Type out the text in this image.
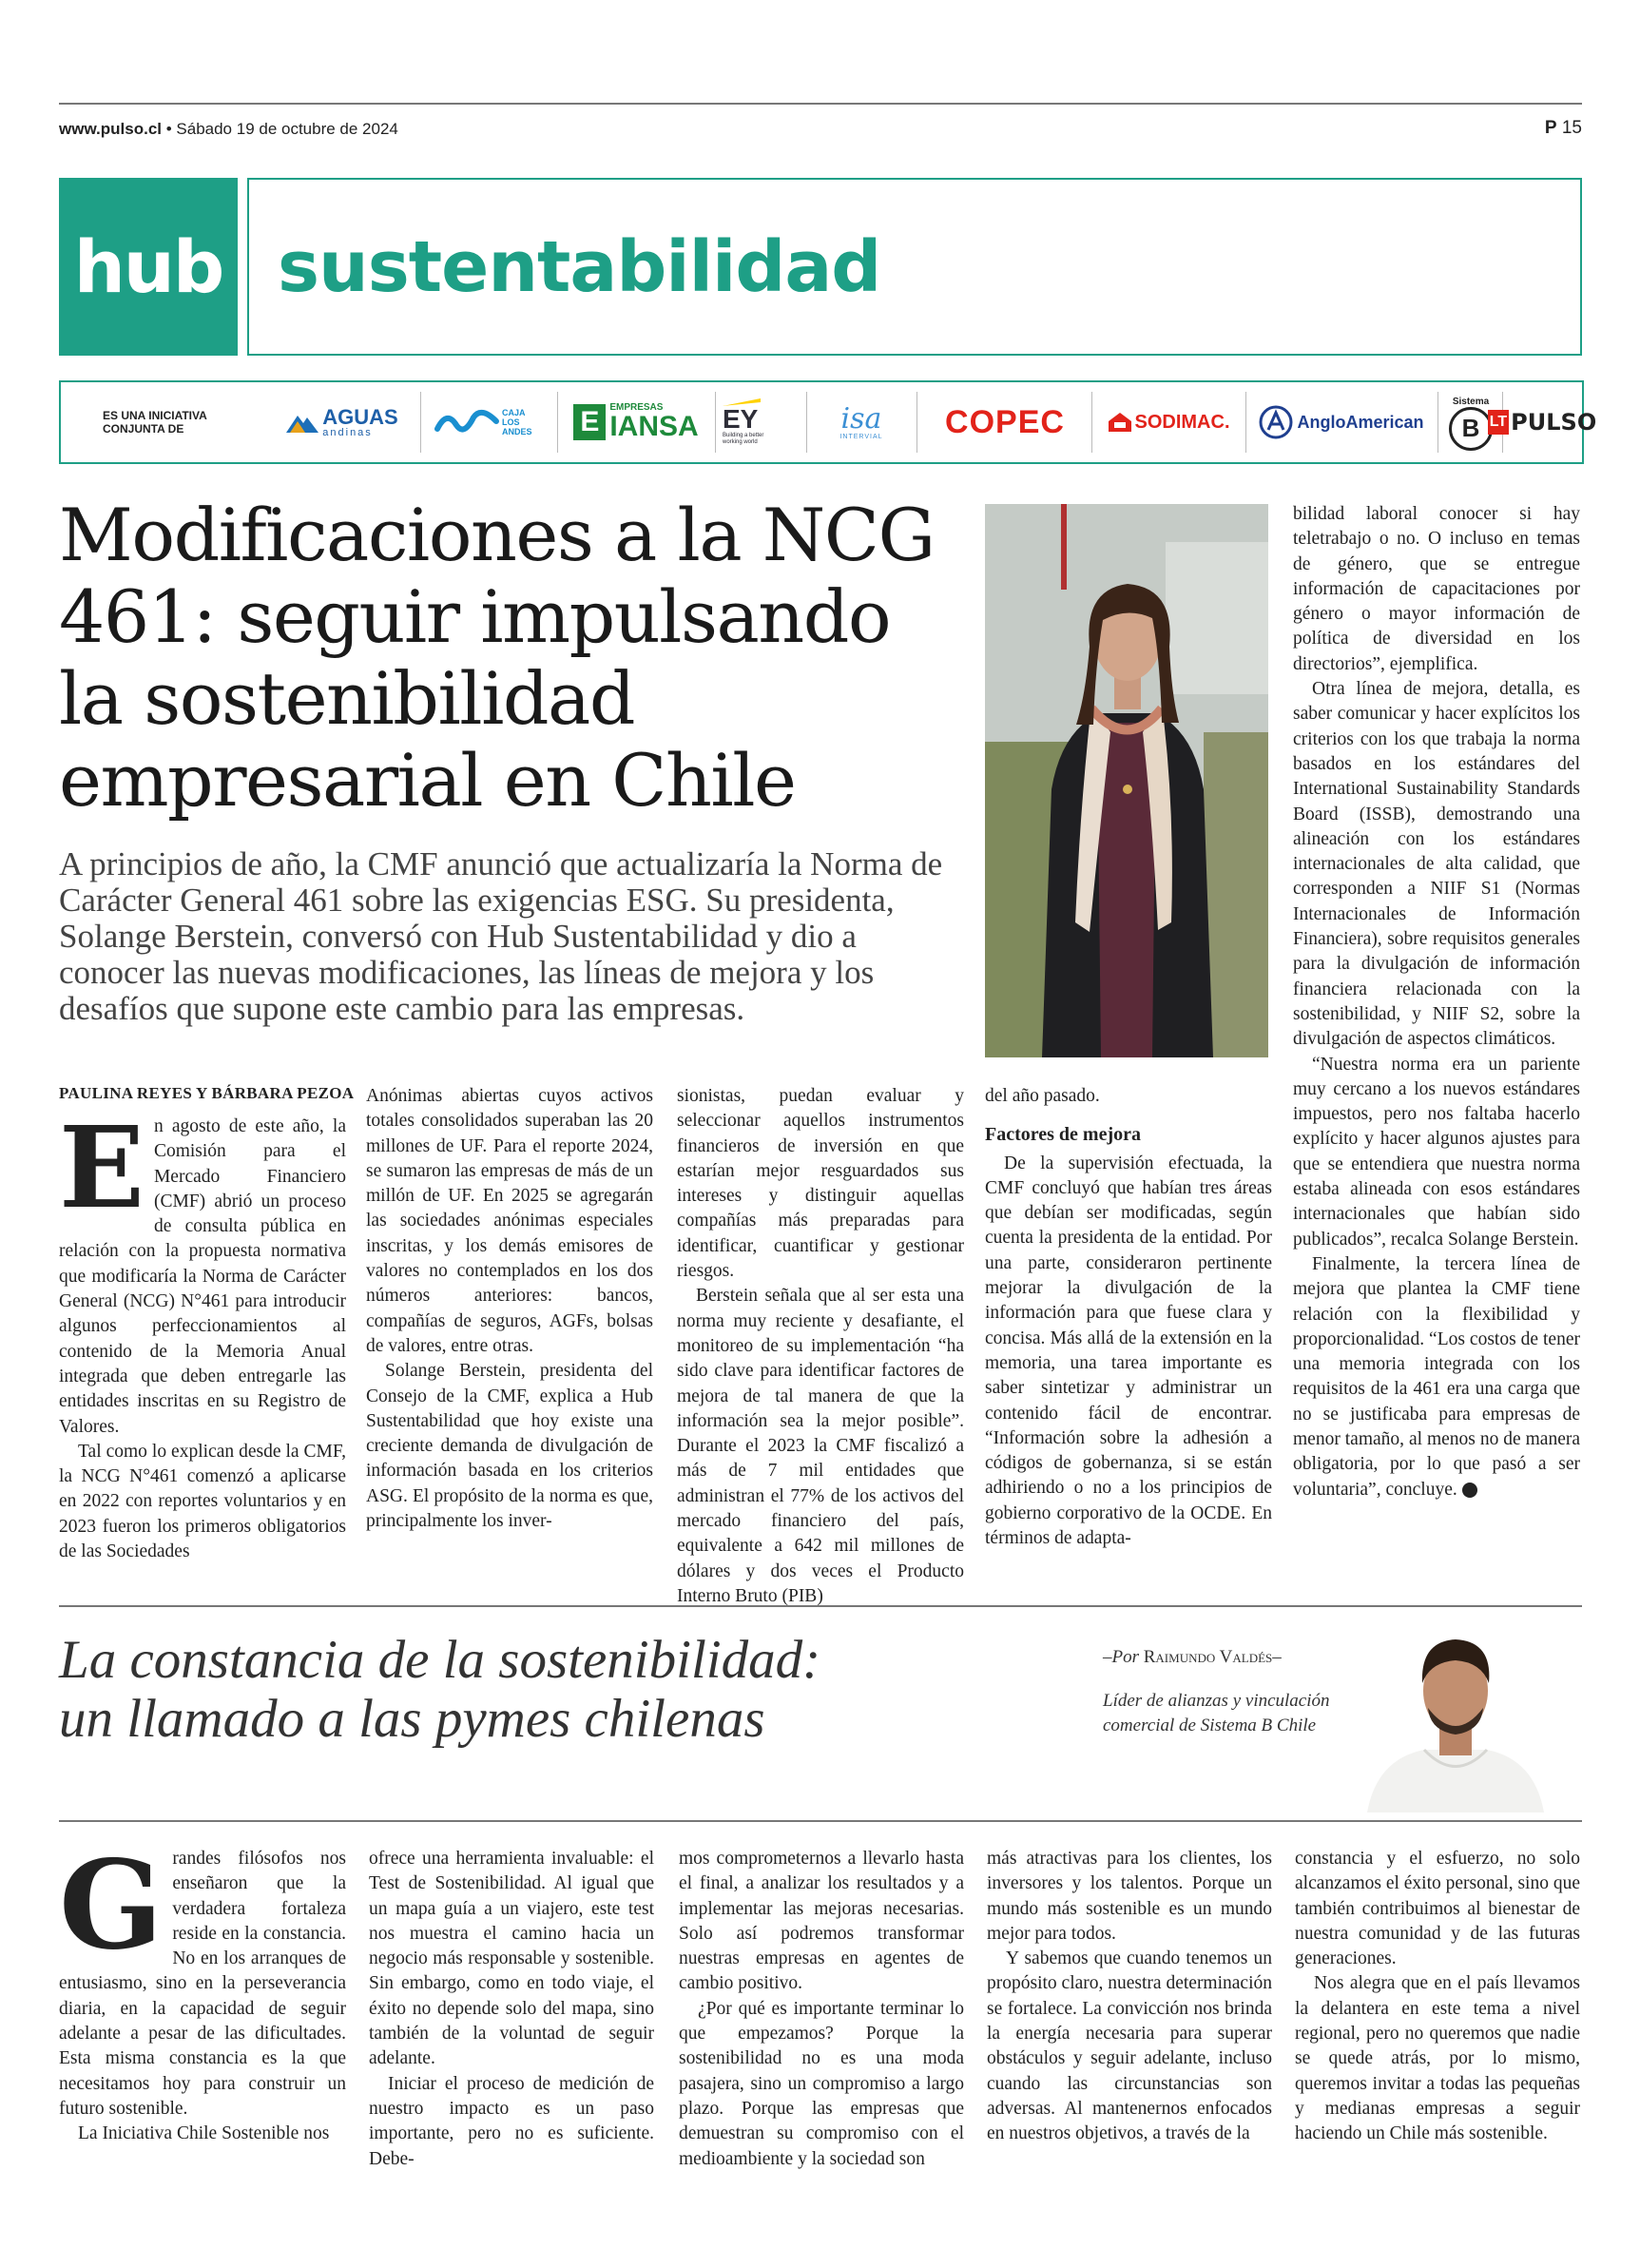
www.pulso.cl • Sábado 19 de octubre de 2024	P 15
hub sustentabilidad
ES UNA INICIATIVA
CONJUNTA DE
AGUAS
andinas
CAJA LOS ANDES	E	EMPRESAS
IANSA EY
Building a better working world
isa
INTERVIAL COPEC	SODIMAC.	AngloAmerican
Sistema
B LT PULSO
Modificaciones a la NCG 461: seguir impulsando la sostenibilidad empresarial en Chile
A principios de año, la CMF anunció que actualizaría la Norma de Carácter General 461 sobre las exigencias ESG. Su presidenta, Solange Berstein, conversó con Hub Sustentabilidad y dio a conocer las nuevas modificaciones, las líneas de mejora y los desafíos que supone este cambio para las empresas.
PAULINA REYES Y BÁRBARA PEZOA

En agosto de este año, la Comisión para el Mercado Financiero (CMF) abrió un proceso de consulta pública en relación con la propuesta normativa que modificaría la Norma de Carácter General (NCG) N°461 para introducir algunos perfeccionamientos al contenido de la Memoria Anual integrada que deben entregarle las entidades inscritas en su Registro de Valores.

Tal como lo explican desde la CMF, la NCG N°461 comenzó a aplicarse en 2022 con reportes voluntarios y en 2023 fueron los primeros obligatorios de las Sociedades

Anónimas abiertas cuyos activos totales consolidados superaban las 20 millones de UF. Para el reporte 2024, se sumaron las empresas de más de un millón de UF. En 2025 se agregarán las sociedades anónimas especiales inscritas, y los demás emisores de valores no contemplados en los dos números anteriores: bancos, compañías de seguros, AGFs, bolsas de valores, entre otras.

Solange Berstein, presidenta del Consejo de la CMF, explica a Hub Sustentabilidad que hoy existe una creciente demanda de divulgación de información basada en los criterios ASG. El propósito de la norma es que, principalmente los inver-

sionistas, puedan evaluar y seleccionar aquellos instrumentos financieros de inversión en que estarían mejor resguardados sus intereses y distinguir aquellas compañías más preparadas para identificar, cuantificar y gestionar riesgos.

Berstein señala que al ser esta una norma muy reciente y desafiante, el monitoreo de su implementación “ha sido clave para identificar factores de mejora de tal manera de que la información sea la mejor posible”. Durante el 2023 la CMF fiscalizó a más de 7 mil entidades que administran el 77% de los activos del mercado financiero del país, equivalente a 642 mil millones de dólares y dos veces el Producto Interno Bruto (PIB)

del año pasado.

Factores de mejora

De la supervisión efectuada, la CMF concluyó que habían tres áreas que debían ser modificadas, según cuenta la presidenta de la entidad. Por una parte, consideraron pertinente mejorar la divulgación de la información para que fuese clara y concisa. Más allá de la extensión en la memoria, una tarea importante es saber sintetizar y administrar un contenido fácil de encontrar. “Información sobre la adhesión a códigos de gobernanza, si se están adhiriendo o no a los principios de gobierno corporativo de la OCDE. En términos de adapta-

bilidad laboral conocer si hay teletrabajo o no. O incluso en temas de género, que se entregue información de capacitaciones por género o mayor información de política de diversidad en los directorios”, ejemplifica.

Otra línea de mejora, detalla, es saber comunicar y hacer explícitos los criterios con los que trabaja la norma basados en los estándares del International Sustainability Standards Board (ISSB), demostrando una alineación con los estándares internacionales de alta calidad, que corresponden a NIIF S1 (Normas Internacionales de Información Financiera), sobre requisitos generales para la divulgación de información financiera relacionada con la sostenibilidad, y NIIF S2, sobre la divulgación de aspectos climáticos.

“Nuestra norma era un pariente muy cercano a los nuevos estándares impuestos, pero nos faltaba hacerlo explícito y hacer algunos ajustes para que se entendiera que nuestra norma estaba alineada con esos estándares internacionales que habían sido publicados”, recalca Solange Berstein.

Finalmente, la tercera línea de mejora que plantea la CMF tiene relación con la flexibilidad y proporcionalidad. “Los costos de tener una memoria integrada con los requisitos de la 461 era una carga que no se justificaba para empresas de menor tamaño, al menos no de manera obligatoria, por lo que pasó a ser voluntaria”, concluye. P

La constancia de la sostenibilidad:
un llamado a las pymes chilenas
–Por Raimundo Valdés–
Líder de alianzas y vinculación comercial de Sistema B Chile

Grandes filósofos nos enseñaron que la verdadera fortaleza reside en la constancia. No en los arranques de entusiasmo, sino en la perseverancia diaria, en la capacidad de seguir adelante a pesar de las dificultades. Esta misma constancia es la que necesitamos hoy para construir un futuro sostenible.

La Iniciativa Chile Sostenible nos

ofrece una herramienta invaluable: el Test de Sostenibilidad. Al igual que un mapa guía a un viajero, este test nos muestra el camino hacia un negocio más responsable y sostenible. Sin embargo, como en todo viaje, el éxito no depende solo del mapa, sino también de la voluntad de seguir adelante.

Iniciar el proceso de medición de nuestro impacto es un paso importante, pero no es suficiente. Debe-

mos comprometernos a llevarlo hasta el final, a analizar los resultados y a implementar las mejoras necesarias. Solo así podremos transformar nuestras empresas en agentes de cambio positivo.

¿Por qué es importante terminar lo que empezamos? Porque la sostenibilidad no es una moda pasajera, sino un compromiso a largo plazo. Porque las empresas que demuestran su compromiso con el medioambiente y la sociedad son

más atractivas para los clientes, los inversores y los talentos. Porque un mundo más sostenible es un mundo mejor para todos.

Y sabemos que cuando tenemos un propósito claro, nuestra determinación se fortalece. La convicción nos brinda la energía necesaria para superar obstáculos y seguir adelante, incluso cuando las circunstancias son adversas. Al mantenernos enfocados en nuestros objetivos, a través de la

constancia y el esfuerzo, no solo alcanzamos el éxito personal, sino que también contribuimos al bienestar de nuestra comunidad y de las futuras generaciones.

Nos alegra que en el país llevamos la delantera en este tema a nivel regional, pero no queremos que nadie se quede atrás, por lo mismo, queremos invitar a todas las pequeñas y medianas empresas a seguir haciendo un Chile más sostenible.
